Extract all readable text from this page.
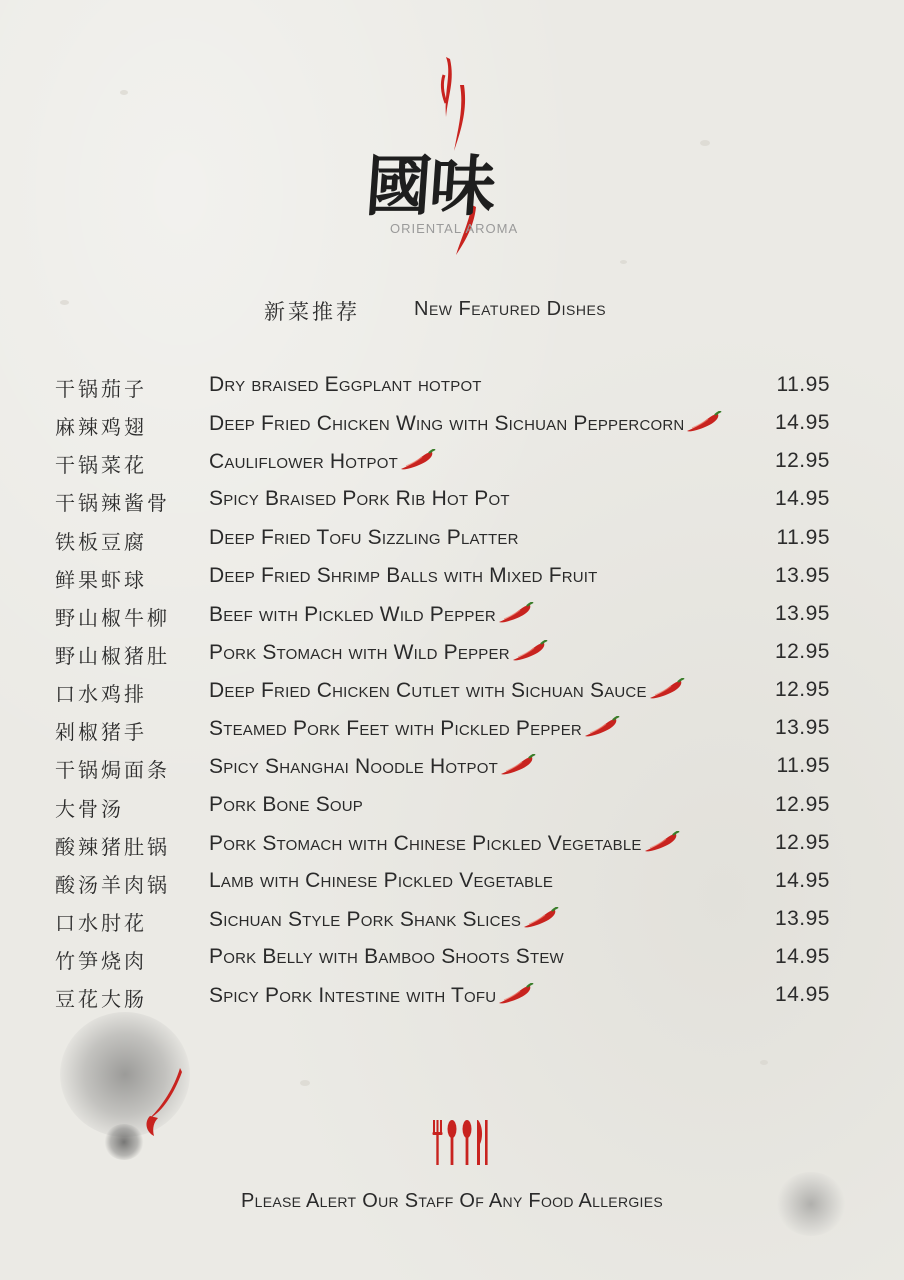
國味
ORIENTAL AROMA
新菜推荐	New Featured Dishes
干锅茄子	Dry braised Eggplant hotpot	11.95
麻辣鸡翅	Deep Fried Chicken Wing with Sichuan Peppercorn	14.95
干锅菜花	Cauliflower Hotpot	12.95
干锅辣酱骨 Spicy Braised Pork Rib Hot Pot	14.95
铁板豆腐	Deep Fried Tofu Sizzling Platter	11.95
鲜果虾球	Deep Fried Shrimp Balls with Mixed Fruit	13.95
野山椒牛柳 Beef with Pickled Wild Pepper	13.95
野山椒猪肚 Pork Stomach with Wild Pepper	12.95
口水鸡排	Deep Fried Chicken Cutlet with Sichuan Sauce	12.95
剁椒猪手	Steamed Pork Feet with Pickled Pepper	13.95
干锅焗面条 Spicy Shanghai Noodle Hotpot	11.95
大骨汤	Pork Bone Soup	12.95
酸辣猪肚锅 Pork Stomach with Chinese Pickled Vegetable	12.95
酸汤羊肉锅 Lamb with Chinese Pickled Vegetable	14.95
口水肘花	Sichuan Style Pork Shank Slices	13.95
竹笋烧肉	Pork Belly with Bamboo Shoots Stew	14.95
豆花大肠	Spicy Pork Intestine with Tofu	14.95
Please Alert Our Staff Of Any Food Allergies
